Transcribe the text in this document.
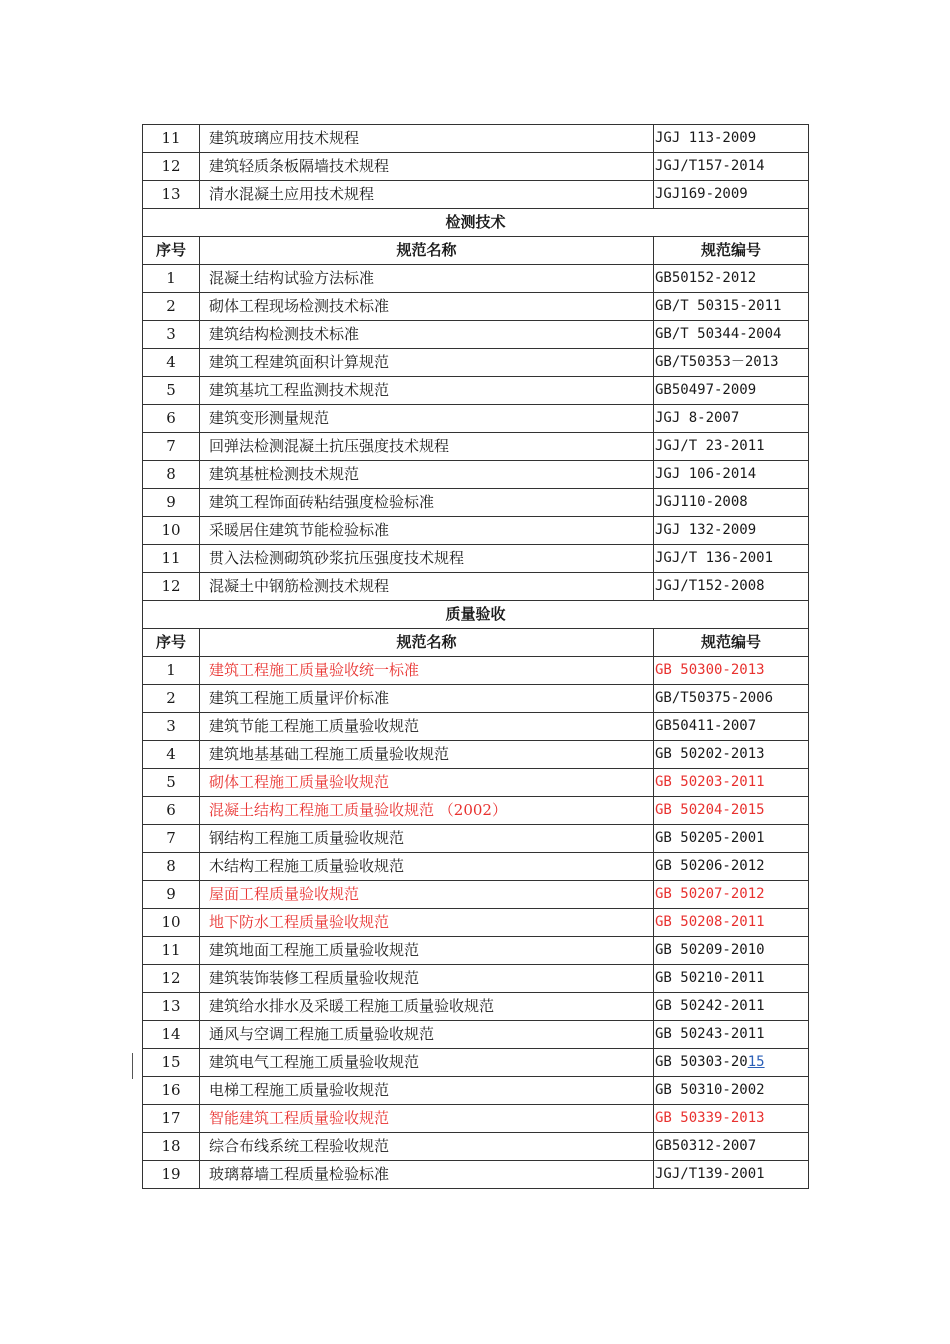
11	建筑玻璃应用技术规程	JGJ 113-2009
12	建筑轻质条板隔墙技术规程	JGJ/T157-2014
13	清水混凝土应用技术规程	JGJ169-2009
检测技术		
序号	规范名称	规范编号
1	混凝土结构试验方法标准	GB50152-2012
2	砌体工程现场检测技术标准	GB/T 50315-2011
3	建筑结构检测技术标准	GB/T 50344-2004
4	建筑工程建筑面积计算规范	GB/T50353－2013
5	建筑基坑工程监测技术规范	GB50497-2009
6	建筑变形测量规范	JGJ 8-2007
7	回弹法检测混凝土抗压强度技术规程	JGJ/T 23-2011
8	建筑基桩检测技术规范	JGJ 106-2014
9	建筑工程饰面砖粘结强度检验标准	JGJ110-2008
10	采暖居住建筑节能检验标准	JGJ 132-2009
11	贯入法检测砌筑砂浆抗压强度技术规程	JGJ/T 136-2001
12	混凝土中钢筋检测技术规程	JGJ/T152-2008
质量验收		
序号	规范名称	规范编号
1	建筑工程施工质量验收统一标准	GB 50300-2013
2	建筑工程施工质量评价标准	GB/T50375-2006
3	建筑节能工程施工质量验收规范	GB50411-2007
4	建筑地基基础工程施工质量验收规范	GB 50202-2013
5	砌体工程施工质量验收规范	GB 50203-2011
6	混凝土结构工程施工质量验收规范 （2002）	GB 50204-2015
7	钢结构工程施工质量验收规范	GB 50205-2001
8	木结构工程施工质量验收规范	GB 50206-2012
9	屋面工程质量验收规范	GB 50207-2012
10	地下防水工程质量验收规范	GB 50208-2011
11	建筑地面工程施工质量验收规范	GB 50209-2010
12	建筑装饰装修工程质量验收规范	GB 50210-2011
13	建筑给水排水及采暖工程施工质量验收规范	GB 50242-2011
14	通风与空调工程施工质量验收规范	GB 50243-2011
15	建筑电气工程施工质量验收规范	GB 50303-2015
16	电梯工程施工质量验收规范	GB 50310-2002
17	智能建筑工程质量验收规范	GB 50339-2013
18	综合布线系统工程验收规范	GB50312-2007
19	玻璃幕墙工程质量检验标准	JGJ/T139-2001
